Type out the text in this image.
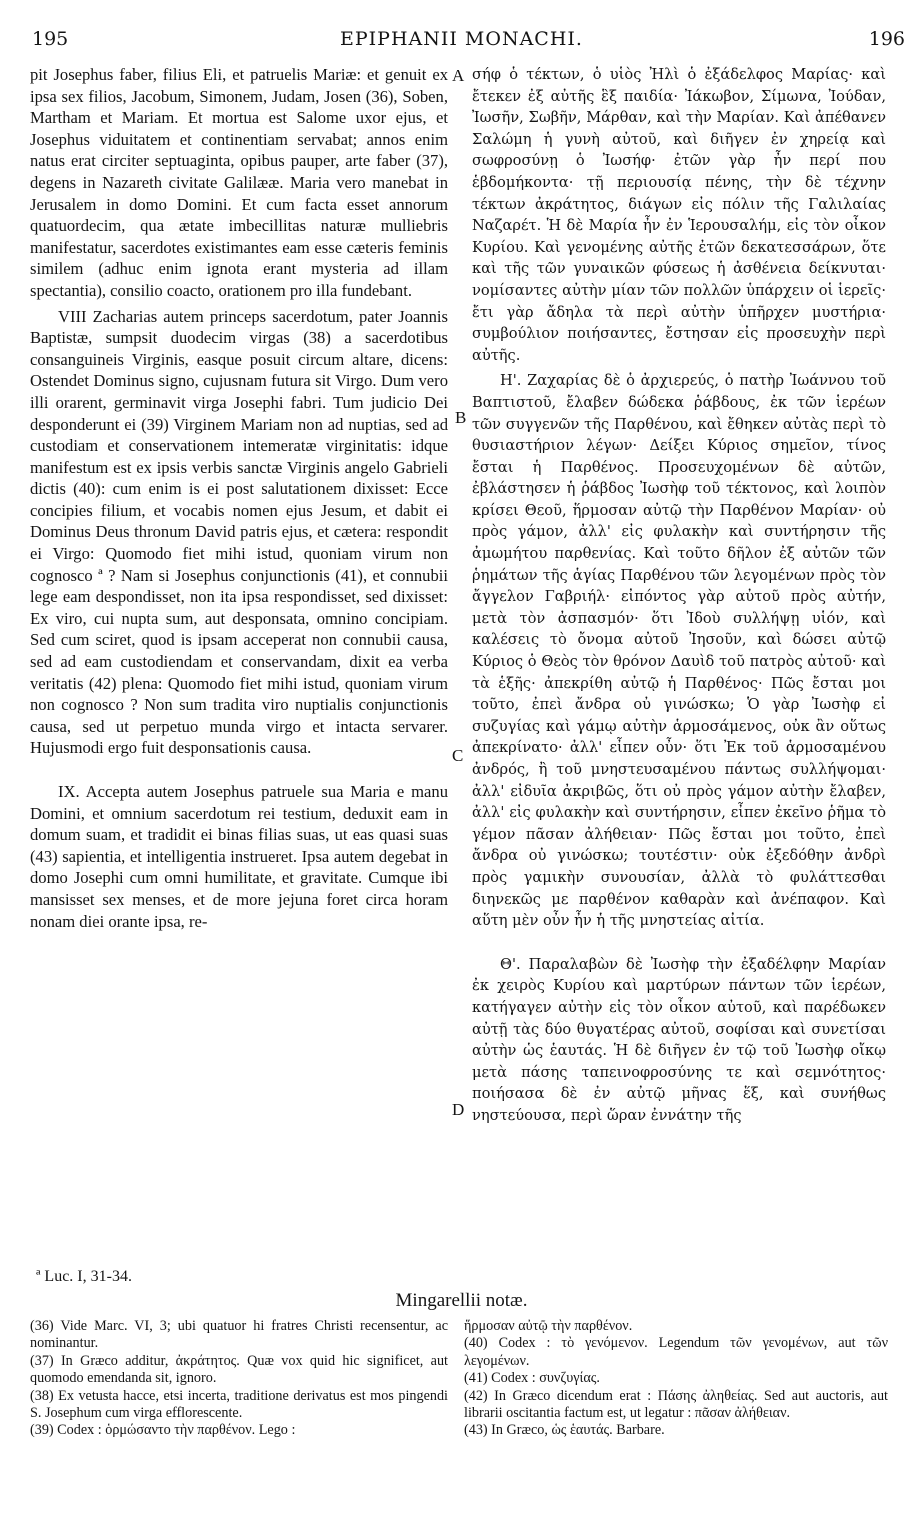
195	EPIPHANII MONACHI.	196

pit Josephus faber, filius Eli, et patruelis Mariæ: et genuit ex ipsa sex filios, Jacobum, Simonem, Judam, Josen (36), Soben, Martham et Mariam. Et mortua est Salome uxor ejus, et Josephus viduitatem et continentiam servabat; annos enim natus erat circiter septuaginta, opibus pauper, arte faber (37), degens in Nazareth civitate Galilææ. Maria vero manebat in Jerusalem in domo Domini. Et cum facta esset annorum quatuordecim, qua ætate imbecillitas naturæ mulliebris manifestatur, sacerdotes existimantes eam esse cæteris feminis similem (adhuc enim ignota erant mysteria ad illam spectantia), consilio coacto, orationem pro illa fundebant.

VIII Zacharias autem princeps sacerdotum, pater Joannis Baptistæ, sumpsit duodecim virgas (38) a sacerdotibus consanguineis Virginis, easque posuit circum altare, dicens: Ostendet Dominus signo, cujusnam futura sit Virgo. Dum vero illi orarent, germinavit virga Josephi fabri. Tum judicio Dei desponderunt ei (39) Virginem Mariam non ad nuptias, sed ad custodiam et conservationem intemeratæ virginitatis: idque manifestum est ex ipsis verbis sanctæ Virginis angelo Gabrieli dictis (40): cum enim is ei post salutationem dixisset: Ecce concipies filium, et vocabis nomen ejus Jesum, et dabit ei Dominus Deus thronum David patris ejus, et cætera: respondit ei Virgo: Quomodo fiet mihi istud, quoniam virum non cognosco ª ? Nam si Josephus conjunctionis (41), et connubii lege eam despondisset, non ita ipsa respondisset, sed dixisset: Ex viro, cui nupta sum, aut desponsata, omnino concipiam. Sed cum sciret, quod is ipsam acceperat non connubii causa, sed ad eam custodiendam et conservandam, dixit ea verba veritatis (42) plena: Quomodo fiet mihi istud, quoniam virum non cognosco ? Non sum tradita viro nuptialis conjunctionis causa, sed ut perpetuo munda virgo et intacta servarer. Hujusmodi ergo fuit desponsationis causa.

IX. Accepta autem Josephus patruele sua Maria e manu Domini, et omnium sacerdotum rei testium, deduxit eam in domum suam, et tradidit ei binas filias suas, ut eas quasi suas (43) sapientia, et intelligentia instrueret. Ipsa autem degebat in domo Josephi cum omni humilitate, et gravitate. Cumque ibi mansisset sex menses, et de more jejuna foret circa horam nonam diei orante ipsa, re-

σήφ ὁ τέκτων, ὁ υἱὸς Ἠλὶ ὁ ἐξάδελφος Μαρίας· καὶ ἔτεκεν ἐξ αὐτῆς ἓξ παιδία· Ἰάκωβον, Σίμωνα, Ἰούδαν, Ἰωσῆν, Σωβῆν, Μάρθαν, καὶ τὴν Μαρίαν. Καὶ ἀπέθανεν Σαλώμη ἡ γυνὴ αὐτοῦ, καὶ διῆγεν ἐν χηρείᾳ καὶ σωφροσύνῃ ὁ Ἰωσήφ· ἐτῶν γὰρ ἦν περί που ἑβδομήκοντα· τῇ περιουσίᾳ πένης, τὴν δὲ τέχνην τέκτων ἀκράτητος, διάγων εἰς πόλιν τῆς Γαλιλαίας Ναζαρέτ. Ἡ δὲ Μαρία ἦν ἐν Ἱερουσαλήμ, εἰς τὸν οἶκον Κυρίου. Καὶ γενομένης αὐτῆς ἐτῶν δεκατεσσάρων, ὅτε καὶ τῆς τῶν γυναικῶν φύσεως ἡ ἀσθένεια δείκνυται· νομίσαντες αὐτὴν μίαν τῶν πολλῶν ὑπάρχειν οἱ ἱερεῖς· ἔτι γὰρ ἄδηλα τὰ περὶ αὐτὴν ὑπῆρχεν μυστήρια· συμβούλιον ποιήσαντες, ἔστησαν εἰς προσευχὴν περὶ αὐτῆς.

Η'. Ζαχαρίας δὲ ὁ ἀρχιερεύς, ὁ πατὴρ Ἰωάννου τοῦ Βαπτιστοῦ, ἔλαβεν δώδεκα ῥάβδους, ἐκ τῶν ἱερέων τῶν συγγενῶν τῆς Παρθένου, καὶ ἔθηκεν αὐτὰς περὶ τὸ θυσιαστήριον λέγων· Δείξει Κύριος σημεῖον, τίνος ἔσται ἡ Παρθένος. Προσευχομένων δὲ αὐτῶν, ἐβλάστησεν ἡ ῥάβδος Ἰωσὴφ τοῦ τέκτονος, καὶ λοιπὸν κρίσει Θεοῦ, ἥρμοσαν αὐτῷ τὴν Παρθένον Μαρίαν· οὐ πρὸς γάμον, ἀλλ' εἰς φυλακὴν καὶ συντήρησιν τῆς ἀμωμήτου παρθενίας. Καὶ τοῦτο δῆλον ἐξ αὐτῶν τῶν ῥημάτων τῆς ἁγίας Παρθένου τῶν λεγομένων πρὸς τὸν ἄγγελον Γαβριήλ· εἰπόντος γὰρ αὐτοῦ πρὸς αὐτήν, μετὰ τὸν ἀσπασμόν· ὅτι Ἰδοὺ συλλήψῃ υἱόν, καὶ καλέσεις τὸ ὄνομα αὐτοῦ Ἰησοῦν, καὶ δώσει αὐτῷ Κύριος ὁ Θεὸς τὸν θρόνον Δαυὶδ τοῦ πατρὸς αὐτοῦ· καὶ τὰ ἑξῆς· ἀπεκρίθη αὐτῷ ἡ Παρθένος· Πῶς ἔσται μοι τοῦτο, ἐπεὶ ἄνδρα οὐ γινώσκω; Ὁ γὰρ Ἰωσὴφ εἰ συζυγίας καὶ γάμῳ αὐτὴν ἁρμοσάμενος, οὐκ ἂν οὕτως ἀπεκρίνατο· ἀλλ' εἶπεν οὖν· ὅτι Ἐκ τοῦ ἁρμοσαμένου ἀνδρός, ἢ τοῦ μνηστευσαμένου πάντως συλλήψομαι· ἀλλ' εἰδυῖα ἀκριβῶς, ὅτι οὐ πρὸς γάμον αὐτὴν ἔλαβεν, ἀλλ' εἰς φυλακὴν καὶ συντήρησιν, εἶπεν ἐκεῖνο ῥῆμα τὸ γέμον πᾶσαν ἀλήθειαν· Πῶς ἔσται μοι τοῦτο, ἐπεὶ ἄνδρα οὐ γινώσκω; τουτέστιν· οὐκ ἐξεδόθην ἀνδρὶ πρὸς γαμικὴν συνουσίαν, ἀλλὰ τὸ φυλάττεσθαι διηνεκῶς με παρθένον καθαρὰν καὶ ἀνέπαφον. Καὶ αὕτη μὲν οὖν ἦν ἡ τῆς μνηστείας αἰτία.

Θ'. Παραλαβὼν δὲ Ἰωσὴφ τὴν ἐξαδέλφην Μαρίαν ἐκ χειρὸς Κυρίου καὶ μαρτύρων πάντων τῶν ἱερέων, κατήγαγεν αὐτὴν εἰς τὸν οἶκον αὐτοῦ, καὶ παρέδωκεν αὐτῇ τὰς δύο θυγατέρας αὐτοῦ, σοφίσαι καὶ συνετίσαι αὐτὴν ὡς ἑαυτάς. Ἡ δὲ διῆγεν ἐν τῷ τοῦ Ἰωσὴφ οἴκῳ μετὰ πάσης ταπεινοφροσύνης τε καὶ σεμνότητος· ποιήσασα δὲ ἐν αὐτῷ μῆνας ἕξ, καὶ συνήθως νηστεύουσα, περὶ ὥραν ἐννάτην τῆς

A
B
C
D
ª Luc. I, 31-34.
Mingarellii notæ.

(36) Vide Marc. VI, 3; ubi quatuor hi fratres Christi recensentur, ac nominantur.

(37) In Græco additur, ἀκράτητος. Quæ vox quid hic significet, aut quomodo emendanda sit, ignoro.

(38) Ex vetusta hacce, etsi incerta, traditione derivatus est mos pingendi S. Josephum cum virga efflorescente.

(39) Codex : ὁρμώσαντο τὴν παρθένον. Lego :

ἥρμοσαν αὐτῷ τὴν παρθένον.

(40) Codex : τὸ γενόμενον. Legendum τῶν γενομένων, aut τῶν λεγομένων.

(41) Codex : συνζυγίας.

(42) In Græco dicendum erat : Πάσης ἀληθείας. Sed aut auctoris, aut librarii oscitantia factum est, ut legatur : πᾶσαν ἀλήθειαν.

(43) In Græco, ὡς ἑαυτάς. Barbare.
